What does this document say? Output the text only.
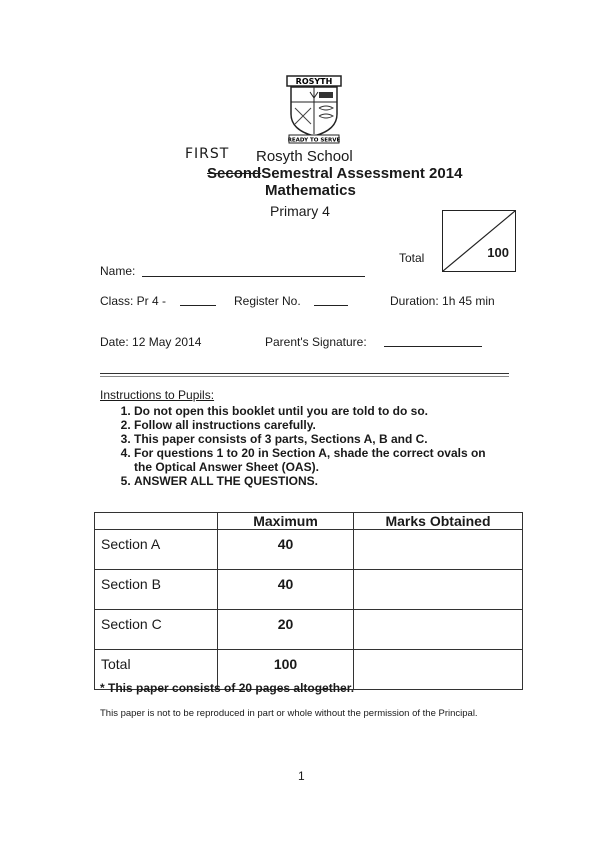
ROSYTH
READY TO SERVE
FIRST Rosyth School
SecondSemestral Assessment 2014
Mathematics
Primary 4
Total	100
Name:
Class: Pr 4 -	Register No.	Duration: 1h 45 min
Date: 12 May 2014	Parent's Signature:
Instructions to Pupils:
1. Do not open this booklet until you are told to do so.
2. Follow all instructions carefully.
3. This paper consists of 3 parts, Sections A, B and C.
4. For questions 1 to 20 in Section A, shade the correct ovals on the Optical Answer Sheet (OAS).
5. ANSWER ALL THE QUESTIONS.
	Maximum	Marks Obtained
Section A	40	
Section B	40	
Section C	20	
Total	100	
* This paper consists of 20 pages altogether.
This paper is not to be reproduced in part or whole without the permission of the Principal.
1
